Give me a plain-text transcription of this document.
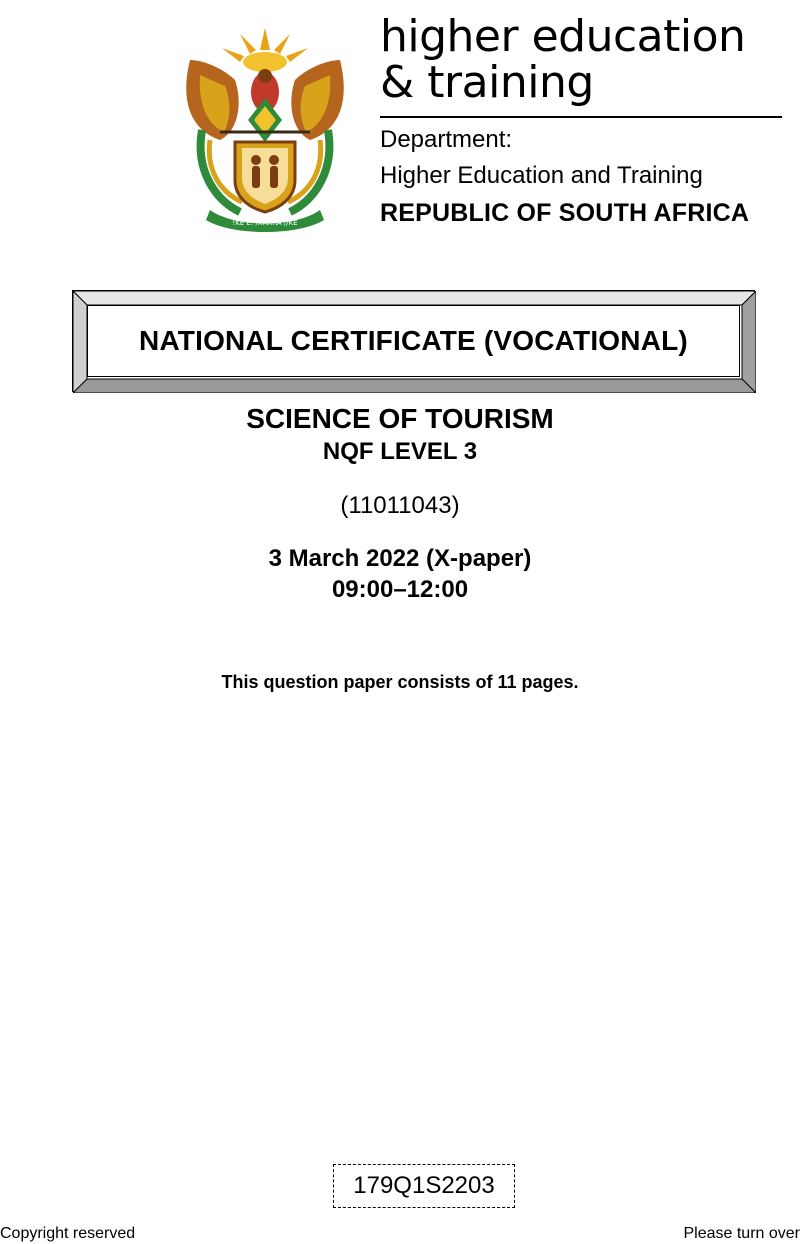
!KE E: /XARRA //KE
higher education
& training
Department:
Higher Education and Training
REPUBLIC OF SOUTH AFRICA
NATIONAL CERTIFICATE (VOCATIONAL)
SCIENCE OF TOURISM
NQF LEVEL 3
(11011043)
3 March 2022 (X-paper)
09:00–12:00
This question paper consists of 11 pages.
179Q1S2203
Copyright reserved	Please turn over
